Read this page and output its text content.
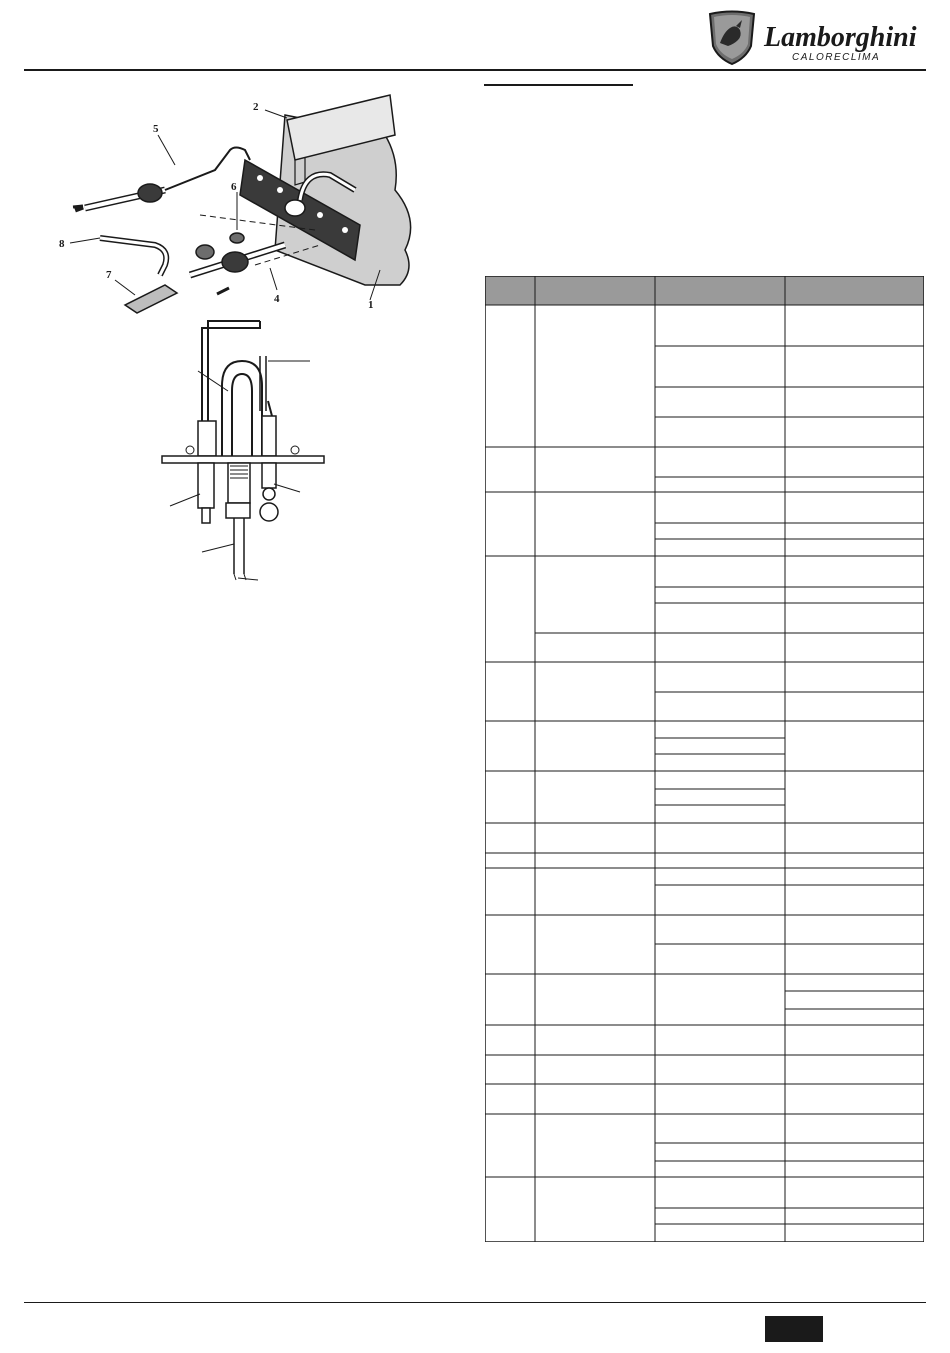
Lamborghini
CALORECLIMA
1
2
4
5
6
7
8
